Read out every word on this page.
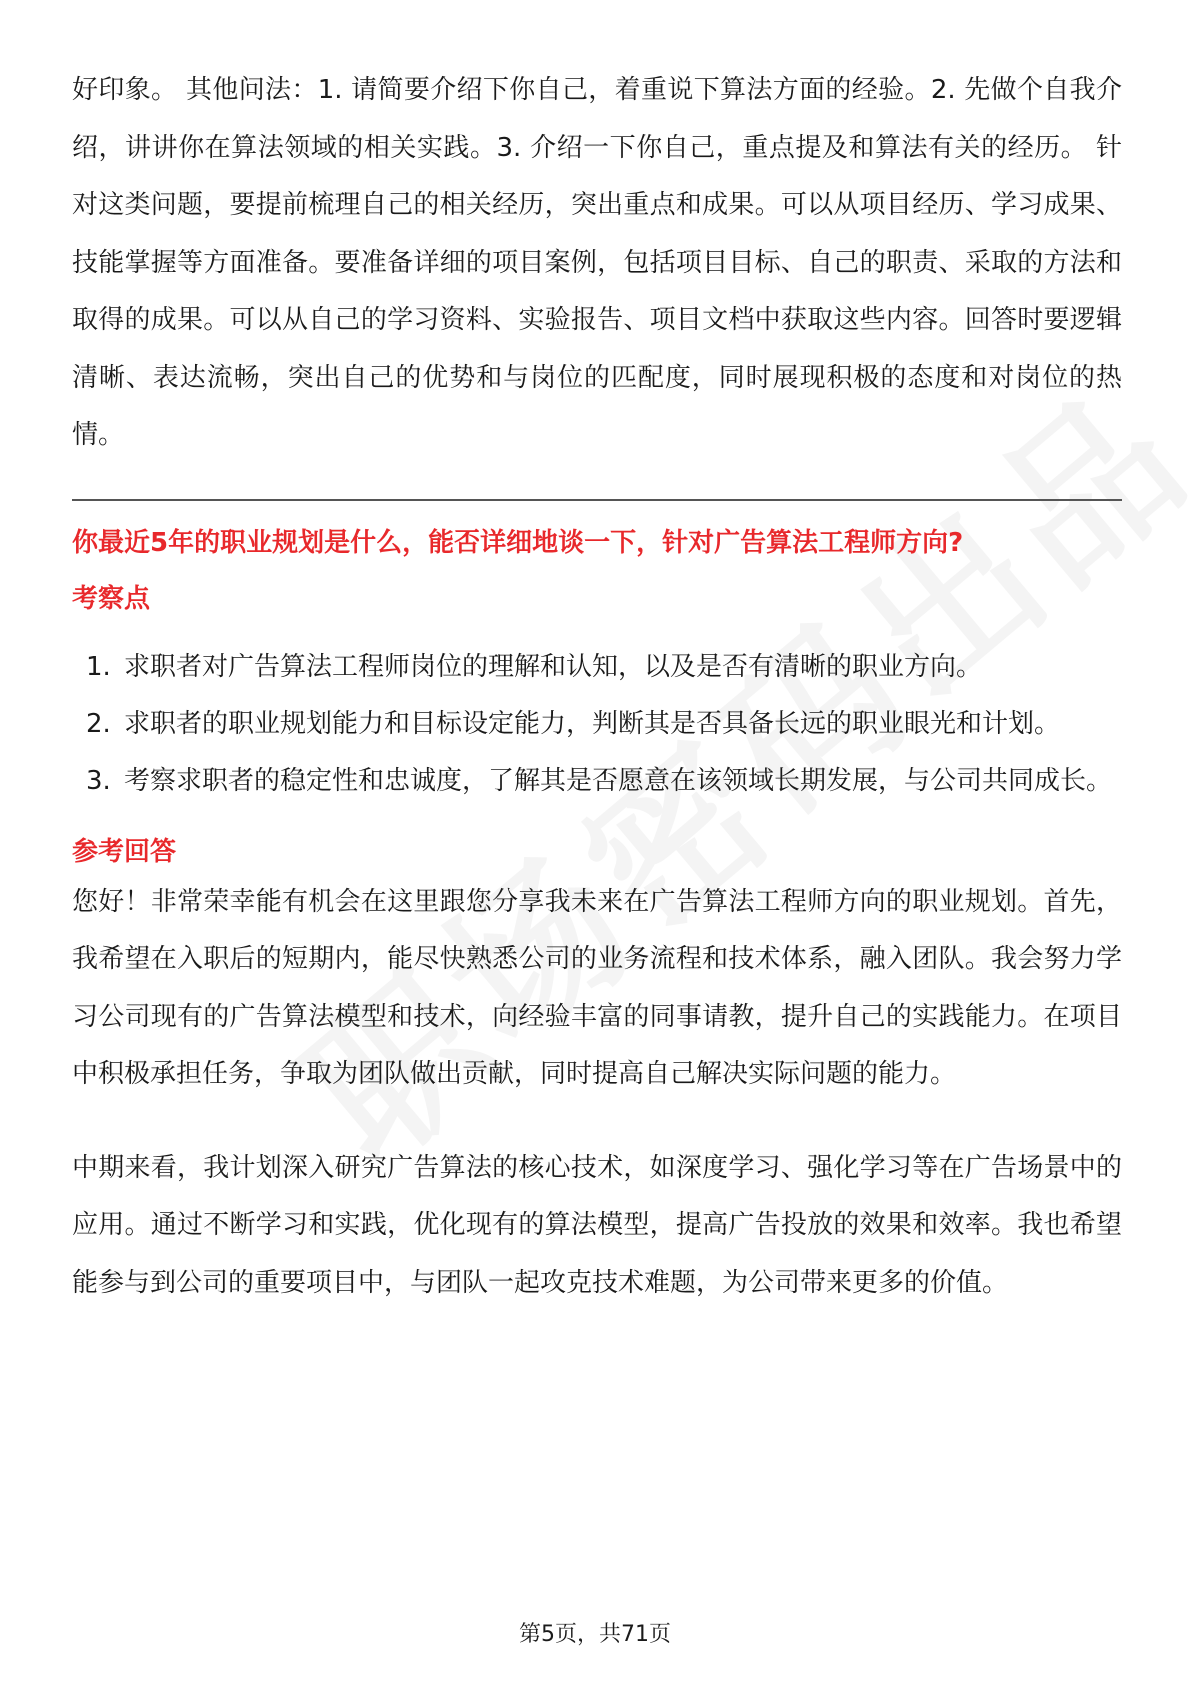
好印象。 其他问法：1. 请简要介绍下你自己，着重说下算法方面的经验。2. 先做个自我介绍，讲讲你在算法领域的相关实践。3. 介绍一下你自己，重点提及和算法有关的经历。 针对这类问题，要提前梳理自己的相关经历，突出重点和成果。可以从项目经历、学习成果、技能掌握等方面准备。要准备详细的项目案例，包括项目目标、自己的职责、采取的方法和取得的成果。可以从自己的学习资料、实验报告、项目文档中获取这些内容。回答时要逻辑清晰、表达流畅，突出自己的优势和与岗位的匹配度，同时展现积极的态度和对岗位的热情。

你最近5年的职业规划是什么，能否详细地谈一下，针对广告算法工程师方向?
考察点
1. 求职者对广告算法工程师岗位的理解和认知，以及是否有清晰的职业方向。
2. 求职者的职业规划能力和目标设定能力，判断其是否具备长远的职业眼光和计划。
3. 考察求职者的稳定性和忠诚度，了解其是否愿意在该领域长期发展，与公司共同成长。
参考回答

您好！非常荣幸能有机会在这里跟您分享我未来在广告算法工程师方向的职业规划。首先，我希望在入职后的短期内，能尽快熟悉公司的业务流程和技术体系，融入团队。我会努力学习公司现有的广告算法模型和技术，向经验丰富的同事请教，提升自己的实践能力。在项目中积极承担任务，争取为团队做出贡献，同时提高自己解决实际问题的能力。

中期来看，我计划深入研究广告算法的核心技术，如深度学习、强化学习等在广告场景中的应用。通过不断学习和实践，优化现有的算法模型，提高广告投放的效果和效率。我也希望能参与到公司的重要项目中，与团队一起攻克技术难题，为公司带来更多的价值。

第5页，共71页
